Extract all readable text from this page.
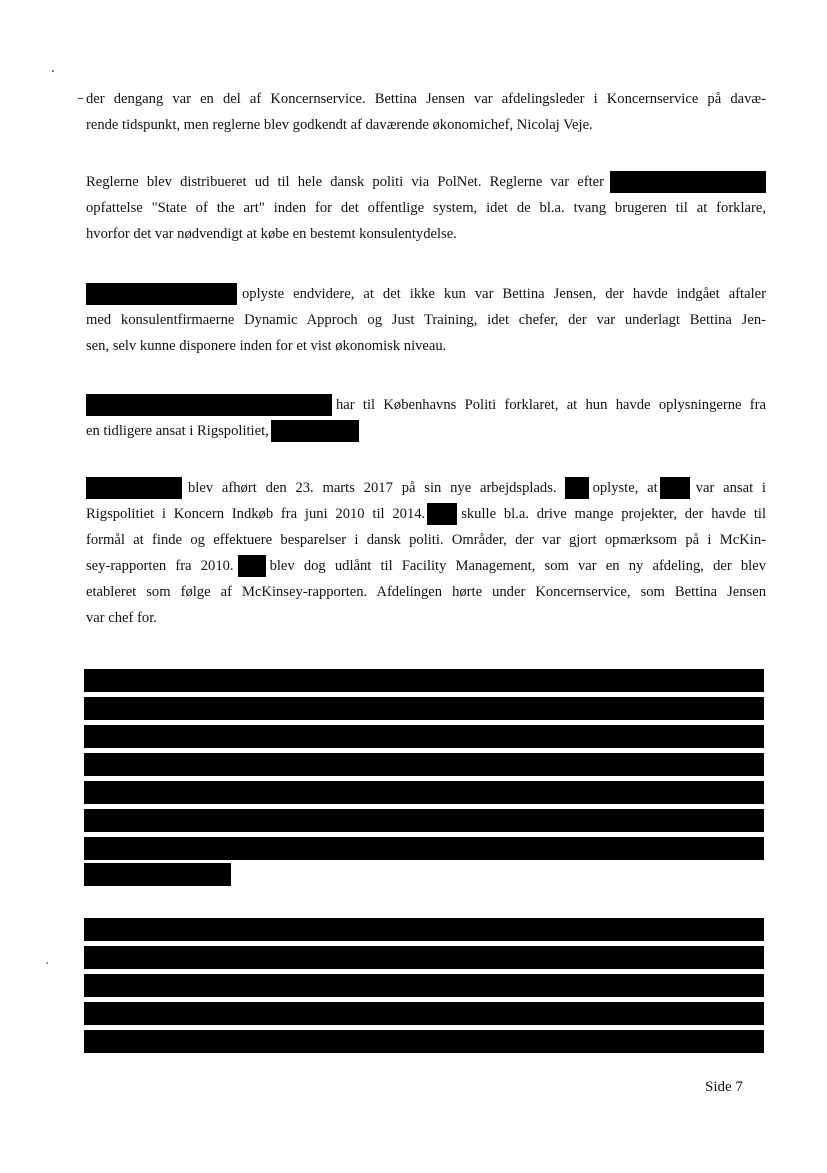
der dengang var en del af Koncernservice. Bettina Jensen var afdelingsleder i Koncernservice på davæ-
rende tidspunkt, men reglerne blev godkendt af daværende økonomichef, Nicolaj Veje.
Reglerne blev distribueret ud til hele dansk politi via PolNet. Reglerne var efter
opfattelse "State of the art" inden for det offentlige system, idet de bl.a. tvang brugeren til at forklare,
hvorfor det var nødvendigt at købe en bestemt konsulentydelse.
oplyste endvidere, at det ikke kun var Bettina Jensen, der havde indgået aftaler
med konsulentfirmaerne Dynamic Approch og Just Training, idet chefer, der var underlagt Bettina Jen-
sen, selv kunne disponere inden for et vist økonomisk niveau.
har til Københavns Politi forklaret, at hun havde oplysningerne fra
en tidligere ansat i Rigspolitiet,
blev afhørt den 23. marts 2017 på sin nye arbejdsplads. oplyste, at	var ansat i
Rigspolitiet i Koncern Indkøb fra juni 2010 til 2014. skulle bl.a. drive mange projekter, der havde til
formål at finde og effektuere besparelser i dansk politi. Områder, der var gjort opmærksom på i McKin-
sey-rapporten fra 2010. blev dog udlånt til Facility Management, som var en ny afdeling, der blev
etableret som følge af McKinsey-rapporten. Afdelingen hørte under Koncernservice, som Bettina Jensen
var chef for.
Side 7
